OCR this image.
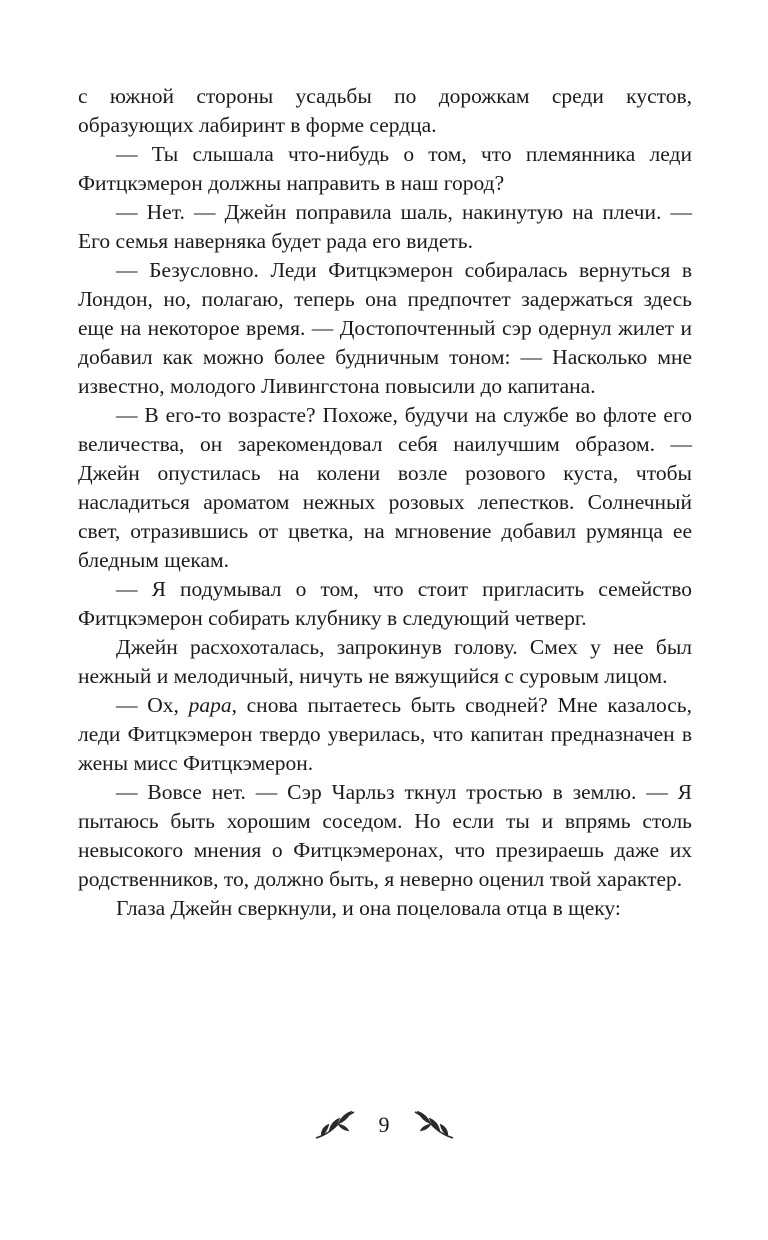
с южной стороны усадьбы по дорожкам среди кустов, образующих лабиринт в форме сердца.

— Ты слышала что-нибудь о том, что племянника леди Фитцкэмерон должны направить в наш город?

— Нет. — Джейн поправила шаль, накинутую на плечи. — Его семья наверняка будет рада его видеть.

— Безусловно. Леди Фитцкэмерон собиралась вернуться в Лондон, но, полагаю, теперь она предпочтет задержаться здесь еще на некоторое время. — Достопочтенный сэр одернул жилет и добавил как можно более будничным тоном: — Насколько мне известно, молодого Ливингстона повысили до капитана.

— В его-то возрасте? Похоже, будучи на службе во флоте его величества, он зарекомендовал себя наилучшим образом. — Джейн опустилась на колени возле розового куста, чтобы насладиться ароматом нежных розовых лепестков. Солнечный свет, отразившись от цветка, на мгновение добавил румянца ее бледным щекам.

— Я подумывал о том, что стоит пригласить семейство Фитцкэмерон собирать клубнику в следующий четверг.

Джейн расхохоталась, запрокинув голову. Смех у нее был нежный и мелодичный, ничуть не вяжущийся с суровым лицом.

— Ох, papa, снова пытаетесь быть сводней? Мне казалось, леди Фитцкэмерон твердо уверилась, что капитан предназначен в жены мисс Фитцкэмерон.

— Вовсе нет. — Сэр Чарльз ткнул тростью в землю. — Я пытаюсь быть хорошим соседом. Но если ты и впрямь столь невысокого мнения о Фитцкэмеронах, что презираешь даже их родственников, то, должно быть, я неверно оценил твой характер.

Глаза Джейн сверкнули, и она поцеловала отца в щеку:

9
